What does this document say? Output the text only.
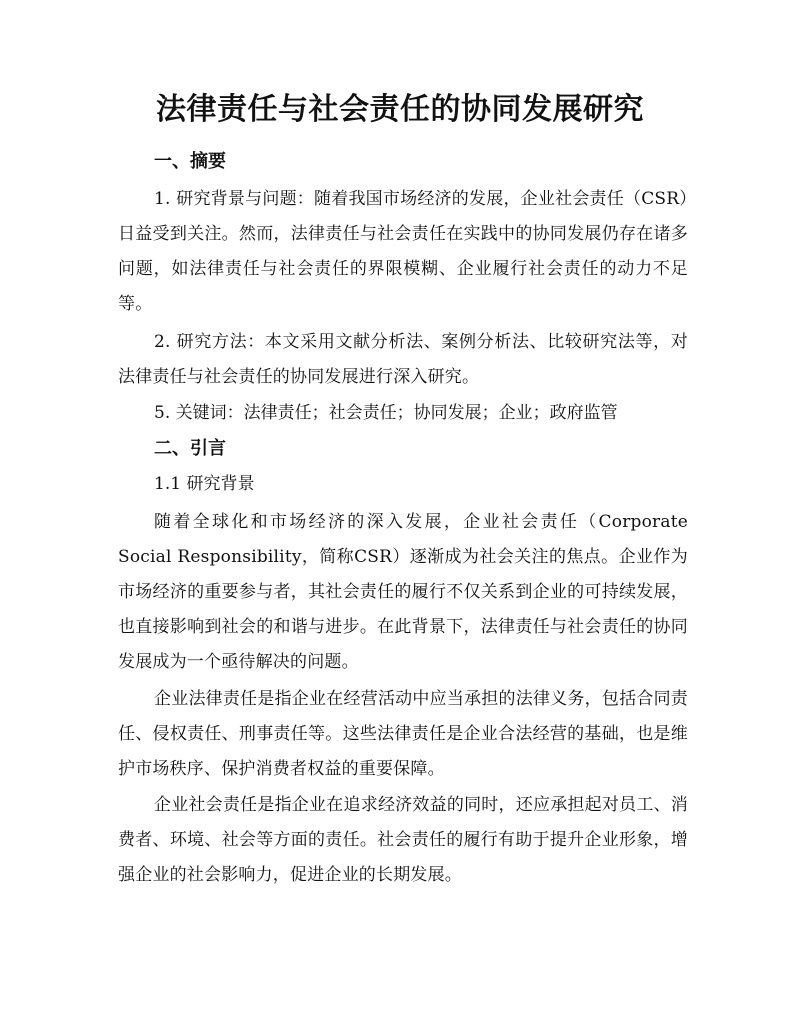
法律责任与社会责任的协同发展研究
一、摘要
1. 研究背景与问题：随着我国市场经济的发展，企业社会责任（CSR）日益受到关注。然而，法律责任与社会责任在实践中的协同发展仍存在诸多问题，如法律责任与社会责任的界限模糊、企业履行社会责任的动力不足等。
2. 研究方法：本文采用文献分析法、案例分析法、比较研究法等，对法律责任与社会责任的协同发展进行深入研究。
5. 关键词：法律责任；社会责任；协同发展；企业；政府监管
二、引言
1.1 研究背景
随着全球化和市场经济的深入发展，企业社会责任（Corporate Social Responsibility，简称CSR）逐渐成为社会关注的焦点。企业作为市场经济的重要参与者，其社会责任的履行不仅关系到企业的可持续发展，也直接影响到社会的和谐与进步。在此背景下，法律责任与社会责任的协同发展成为一个亟待解决的问题。
企业法律责任是指企业在经营活动中应当承担的法律义务，包括合同责任、侵权责任、刑事责任等。这些法律责任是企业合法经营的基础，也是维护市场秩序、保护消费者权益的重要保障。
企业社会责任是指企业在追求经济效益的同时，还应承担起对员工、消费者、环境、社会等方面的责任。社会责任的履行有助于提升企业形象，增强企业的社会影响力，促进企业的长期发展。
